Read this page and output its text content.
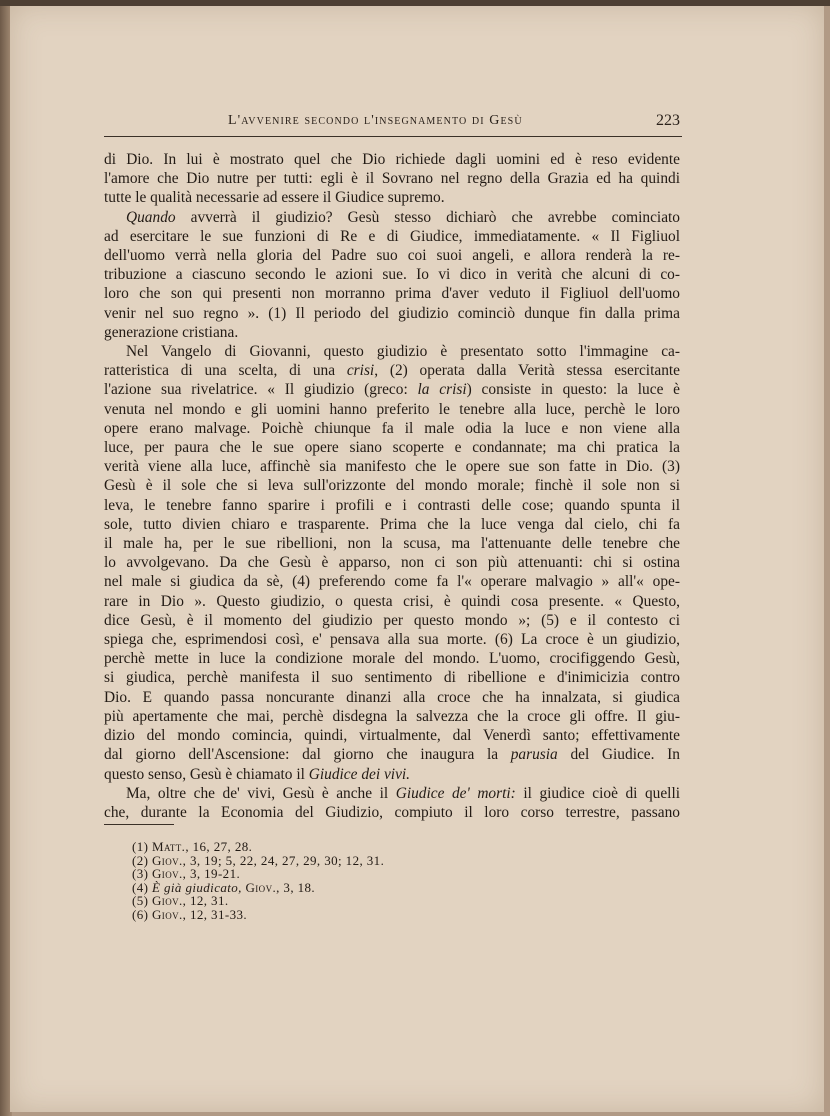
L'avvenire secondo l'insegnamento di Gesù	223
di Dio. In lui è mostrato quel che Dio richiede dagli uomini ed è reso evidente
l'amore che Dio nutre per tutti: egli è il Sovrano nel regno della Grazia ed ha quindi
tutte le qualità necessarie ad essere il Giudice supremo.
Quando avverrà il giudizio? Gesù stesso dichiarò che avrebbe cominciato
ad esercitare le sue funzioni di Re e di Giudice, immediatamente. « Il Figliuol
dell'uomo verrà nella gloria del Padre suo coi suoi angeli, e allora renderà la re-
tribuzione a ciascuno secondo le azioni sue. Io vi dico in verità che alcuni di co-
loro che son qui presenti non morranno prima d'aver veduto il Figliuol dell'uomo
venir nel suo regno ». (1) Il periodo del giudizio cominciò dunque fin dalla prima
generazione cristiana.
Nel Vangelo di Giovanni, questo giudizio è presentato sotto l'immagine ca-
ratteristica di una scelta, di una crisi, (2) operata dalla Verità stessa esercitante
l'azione sua rivelatrice. « Il giudizio (greco: la crisi) consiste in questo: la luce è
venuta nel mondo e gli uomini hanno preferito le tenebre alla luce, perchè le loro
opere erano malvage. Poichè chiunque fa il male odia la luce e non viene alla
luce, per paura che le sue opere siano scoperte e condannate; ma chi pratica la
verità viene alla luce, affinchè sia manifesto che le opere sue son fatte in Dio. (3)
Gesù è il sole che si leva sull'orizzonte del mondo morale; finchè il sole non si
leva, le tenebre fanno sparire i profili e i contrasti delle cose; quando spunta il
sole, tutto divien chiaro e trasparente. Prima che la luce venga dal cielo, chi fa
il male ha, per le sue ribellioni, non la scusa, ma l'attenuante delle tenebre che
lo avvolgevano. Da che Gesù è apparso, non ci son più attenuanti: chi si ostina
nel male si giudica da sè, (4) preferendo come fa l'« operare malvagio » all'« ope-
rare in Dio ». Questo giudizio, o questa crisi, è quindi cosa presente. « Questo,
dice Gesù, è il momento del giudizio per questo mondo »; (5) e il contesto ci
spiega che, esprimendosi così, e' pensava alla sua morte. (6) La croce è un giudizio,
perchè mette in luce la condizione morale del mondo. L'uomo, crocifiggendo Gesù,
si giudica, perchè manifesta il suo sentimento di ribellione e d'inimicizia contro
Dio. E quando passa noncurante dinanzi alla croce che ha innalzata, si giudica
più apertamente che mai, perchè disdegna la salvezza che la croce gli offre. Il giu-
dizio del mondo comincia, quindi, virtualmente, dal Venerdì santo; effettivamente
dal giorno dell'Ascensione: dal giorno che inaugura la parusia del Giudice. In
questo senso, Gesù è chiamato il Giudice dei vivi.
Ma, oltre che de' vivi, Gesù è anche il Giudice de' morti: il giudice cioè di quelli
che, durante la Economia del Giudizio, compiuto il loro corso terrestre, passano
(1) Matt., 16, 27, 28.
(2) Giov., 3, 19; 5, 22, 24, 27, 29, 30; 12, 31.
(3) Giov., 3, 19-21.
(4) È già giudicato, Giov., 3, 18.
(5) Giov., 12, 31.
(6) Giov., 12, 31-33.
